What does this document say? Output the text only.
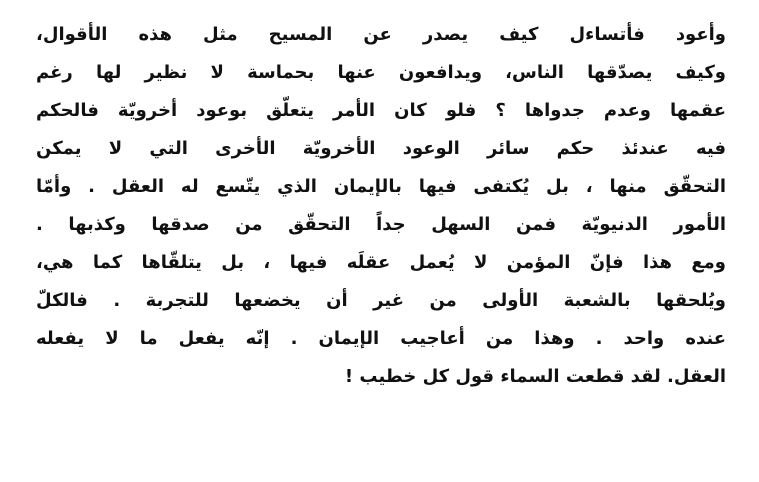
وأعود فأتساءل كيف يصدر عن المسيح مثل هذه الأقوال،
وكيف يصدّقها الناس، ويدافعون عنها بحماسة لا نظير لها رغم
عقمها وعدم جدواها ؟ فلو كان الأمر يتعلّق بوعود أخرويّة فالحكم
فيه عندئذ حكم سائر الوعود الأخرويّة الأخرى التي لا يمكن
التحقّق منها ، بل يُكتفى فيها بالإيمان الذي يتّسع له العقل . وأمّا
الأمور الدنيويّة فمن السهل جداً التحقّق من صدقها وكذبها .
ومع هذا فإنّ المؤمن لا يُعمل عقلَه فيها ، بل يتلقّاها كما هي،
ويُلحقها بالشعبة الأولى من غير أن يخضعها للتجربة . فالكلّ
عنده واحد . وهذا من أعاجيب الإيمان . إنّه يفعل ما لا يفعله
العقل. لقد قطعت السماء قول كل خطيب !
